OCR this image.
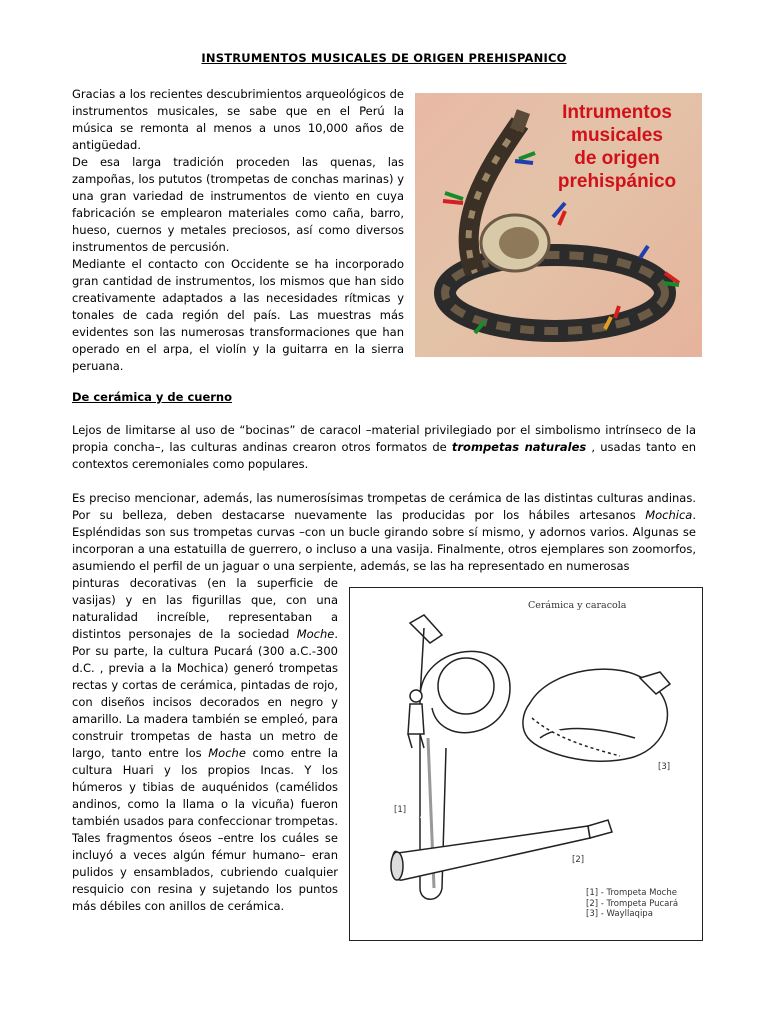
INSTRUMENTOS MUSICALES DE ORIGEN PREHISPANICO
Gracias a los recientes descubrimientos arqueológicos de instrumentos musicales, se sabe que en el Perú la música se remonta al menos a unos 10,000 años de antigüedad.
De esa larga tradición proceden las quenas, las zampoñas, los pututos (trompetas de conchas marinas) y una gran variedad de instrumentos de viento en cuya fabricación se emplearon materiales como caña, barro, hueso, cuernos y metales preciosos, así como diversos instrumentos de percusión.
Mediante el contacto con Occidente se ha incorporado gran cantidad de instrumentos, los mismos que han sido creativamente adaptados a las necesidades rítmicas y tonales de cada región del país. Las muestras más evidentes son las numerosas transformaciones que han operado en el arpa, el violín y la guitarra en la sierra peruana.
Intrumentos
musicales
de origen
prehispánico
De cerámica y de cuerno

Lejos de limitarse al uso de “bocinas” de caracol –material privilegiado por el simbolismo intrínseco de la propia concha–, las culturas andinas crearon otros formatos de trompetas naturales , usadas tanto en contextos ceremoniales como populares.

Es preciso mencionar, además, las numerosísimas trompetas de cerámica de las distintas culturas andinas. Por su belleza, deben destacarse nuevamente las producidas por los hábiles artesanos Mochica. Espléndidas son sus trompetas curvas –con un bucle girando sobre sí mismo, y adornos varios. Algunas se incorporan a una estatuilla de guerrero, o incluso a una vasija. Finalmente, otros ejemplares son zoomorfos, asumiendo el perfil de un jaguar o una serpiente, además, se las ha representado en numerosas

pinturas decorativas (en la superficie de vasijas) y en las figurillas que, con una naturalidad increíble, representaban a distintos personajes de la sociedad Moche. Por su parte, la cultura Pucará (300 a.C.-300 d.C. , previa a la Mochica) generó trompetas rectas y cortas de cerámica, pintadas de rojo, con diseños incisos decorados en negro y amarillo. La madera también se empleó, para construir trompetas de hasta un metro de largo, tanto entre los Moche como entre la cultura Huari y los propios Incas. Y los húmeros y tibias de auquénidos (camélidos andinos, como la llama o la vicuña) fueron también usados para confeccionar trompetas. Tales fragmentos óseos –entre los cuáles se incluyó a veces algún fémur humano– eran pulidos y ensamblados, cubriendo cualquier resquicio con resina y sujetando los puntos más débiles con anillos de cerámica.

Cerámica y caracola
[1]
[2]
[3]
[1] - Trompeta Moche
[2] - Trompeta Pucará
[3] - Wayllaqipa
